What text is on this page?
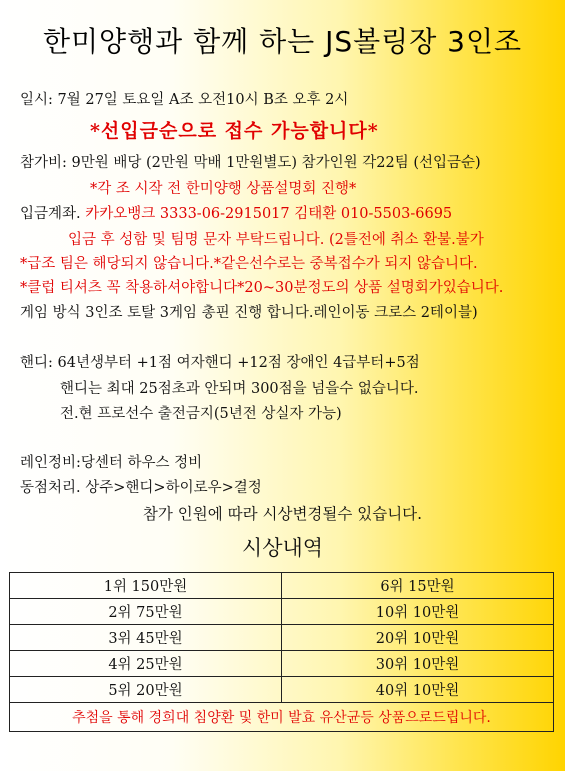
한미양행과 함께 하는 JS볼링장 3인조
일시: 7월 27일 토요일 A조 오전10시 B조 오후 2시
*선입금순으로 접수 가능합니다*
참가비: 9만원 배당 (2만원 막배 1만원별도) 참가인원 각22팀 (선입금순)
*각 조 시작 전 한미양행 상품설명회 진행*
입금계좌. 카카오뱅크 3333-06-2915017 김태환 010-5503-6695
입금 후 성함 및 팀명 문자 부탁드립니다. (2틀전에 취소 환불.불가
*급조 팀은 해당되지 않습니다.*같은선수로는 중복접수가 되지 않습니다.
*클럽 티셔츠 꼭 착용하셔야합니다*20~30분정도의 상품 설명회가있습니다.
게임 방식 3인조 토탈 3게임 총핀 진행 합니다.레인이동 크로스 2테이블)
핸디: 64년생부터 +1점 여자핸디 +12점 장애인 4급부터+5점
핸디는 최대 25점초과 안되며 300점을 넘을수 없습니다.
전.현 프로선수 출전금지(5년전 상실자 가능)
레인정비:당센터 하우스 정비
동점처리. 상주>핸디>하이로우>결정
참가 인원에 따라 시상변경될수 있습니다.
시상내역
1위 150만원	6위 15만원
2위 75만원	10위 10만원
3위 45만원	20위 10만원
4위 25만원	30위 10만원
5위 20만원	40위 10만원
추첨을 통해 경희대 침양환 및 한미 발효 유산균등 상품으로드립니다.	
